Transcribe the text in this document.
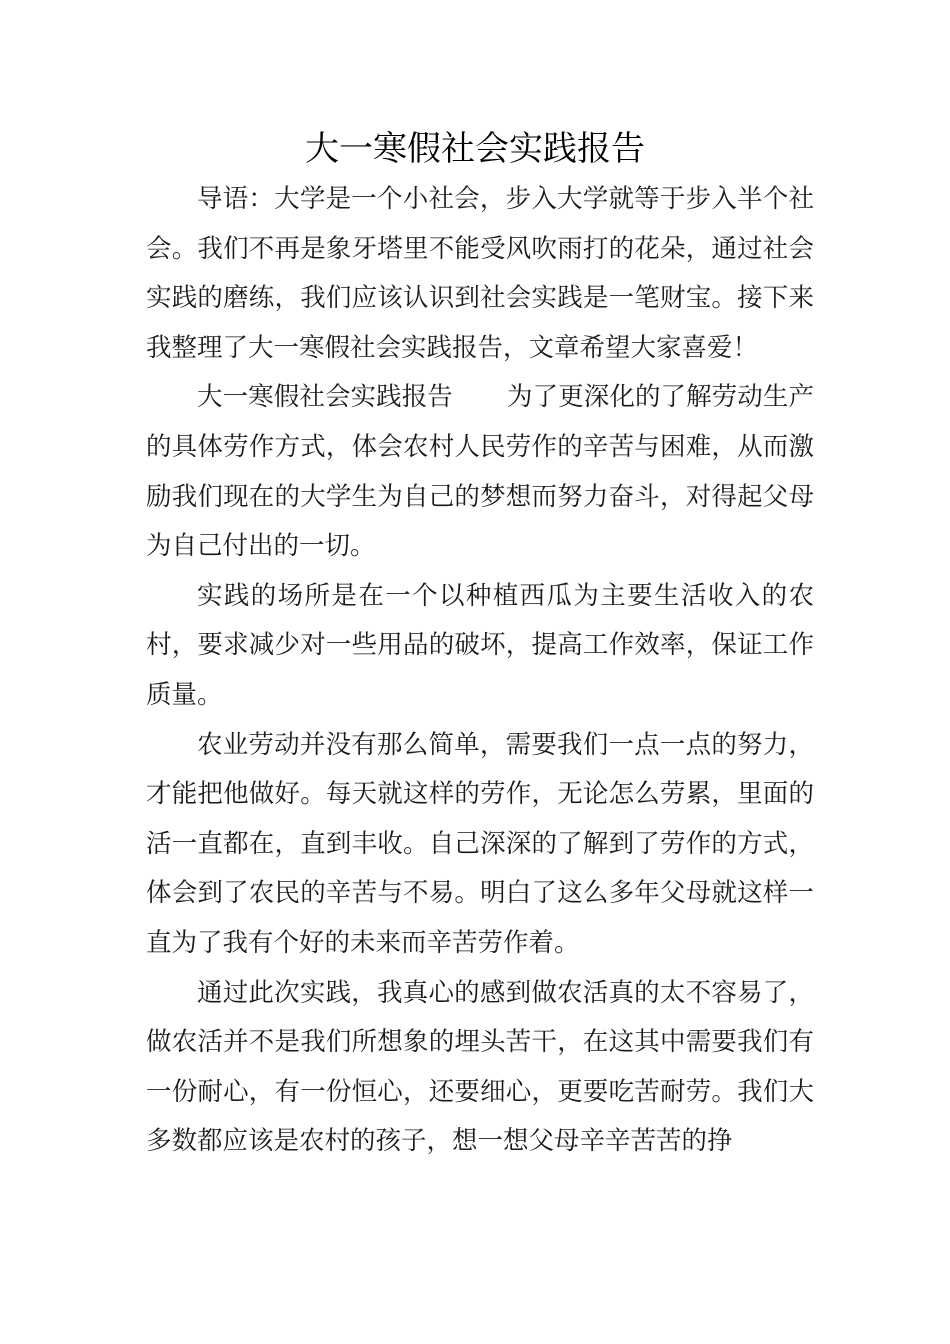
大一寒假社会实践报告

导语：大学是一个小社会，步入大学就等于步入半个社会。我们不再是象牙塔里不能受风吹雨打的花朵，通过社会实践的磨练，我们应该认识到社会实践是一笔财宝。接下来我整理了大一寒假社会实践报告，文章希望大家喜爱！

大一寒假社会实践报告 为了更深化的了解劳动生产的具体劳作方式，体会农村人民劳作的辛苦与困难，从而激励我们现在的大学生为自己的梦想而努力奋斗，对得起父母为自己付出的一切。

实践的场所是在一个以种植西瓜为主要生活收入的农村，要求减少对一些用品的破坏，提高工作效率，保证工作质量。

农业劳动并没有那么简单，需要我们一点一点的努力，才能把他做好。每天就这样的劳作，无论怎么劳累，里面的活一直都在，直到丰收。自己深深的了解到了劳作的方式，体会到了农民的辛苦与不易。明白了这么多年父母就这样一直为了我有个好的未来而辛苦劳作着。

通过此次实践，我真心的感到做农活真的太不容易了，做农活并不是我们所想象的埋头苦干，在这其中需要我们有一份耐心，有一份恒心，还要细心，更要吃苦耐劳。我们大多数都应该是农村的孩子，想一想父母辛辛苦苦的挣
